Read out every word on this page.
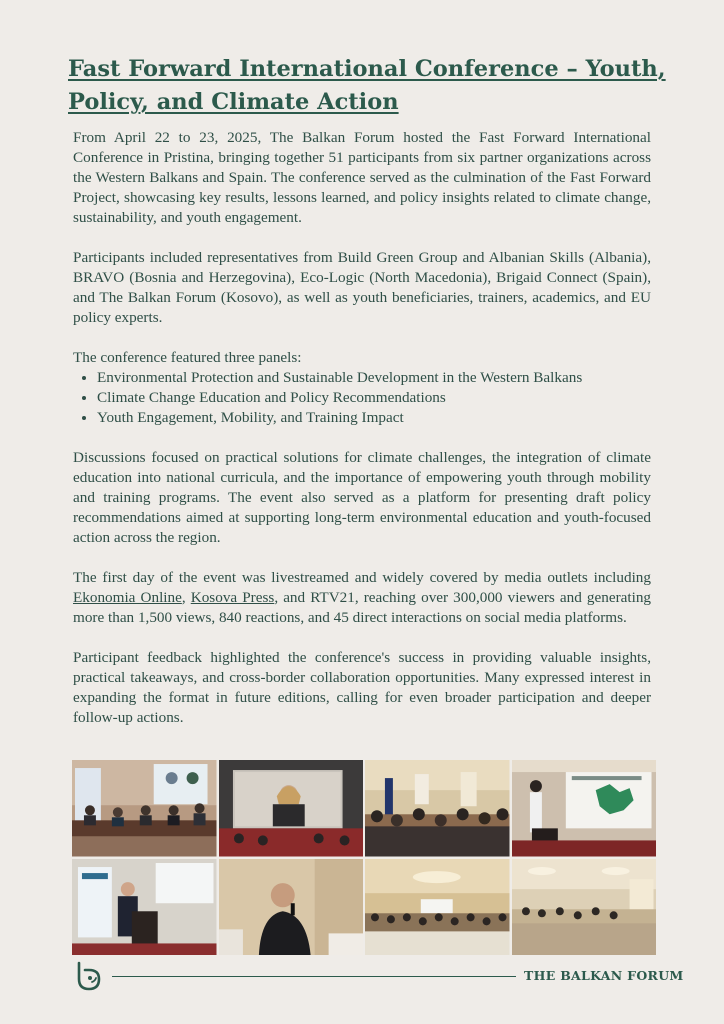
Fast Forward International Conference – Youth, Policy, and Climate Action

From April 22 to 23, 2025, The Balkan Forum hosted the Fast Forward International Conference in Pristina, bringing together 51 participants from six partner organizations across the Western Balkans and Spain. The conference served as the culmination of the Fast Forward Project, showcasing key results, lessons learned, and policy insights related to climate change, sustainability, and youth engagement.

Participants included representatives from Build Green Group and Albanian Skills (Albania), BRAVO (Bosnia and Herzegovina), Eco-Logic (North Macedonia), Brigaid Connect (Spain), and The Balkan Forum (Kosovo), as well as youth beneficiaries, trainers, academics, and EU policy experts.

The conference featured three panels:

• Environmental Protection and Sustainable Development in the Western Balkans
• Climate Change Education and Policy Recommendations
• Youth Engagement, Mobility, and Training Impact

Discussions focused on practical solutions for climate challenges, the integration of climate education into national curricula, and the importance of empowering youth through mobility and training programs. The event also served as a platform for presenting draft policy recommendations aimed at supporting long-term environmental education and youth-focused action across the region.

The first day of the event was livestreamed and widely covered by media outlets including Ekonomia Online, Kosova Press, and RTV21, reaching over 300,000 viewers and generating more than 1,500 views, 840 reactions, and 45 direct interactions on social media platforms.

Participant feedback highlighted the conference's success in providing valuable insights, practical takeaways, and cross-border collaboration opportunities. Many expressed interest in expanding the format in future editions, calling for even broader participation and deeper follow-up actions.

THE BALKAN FORUM
